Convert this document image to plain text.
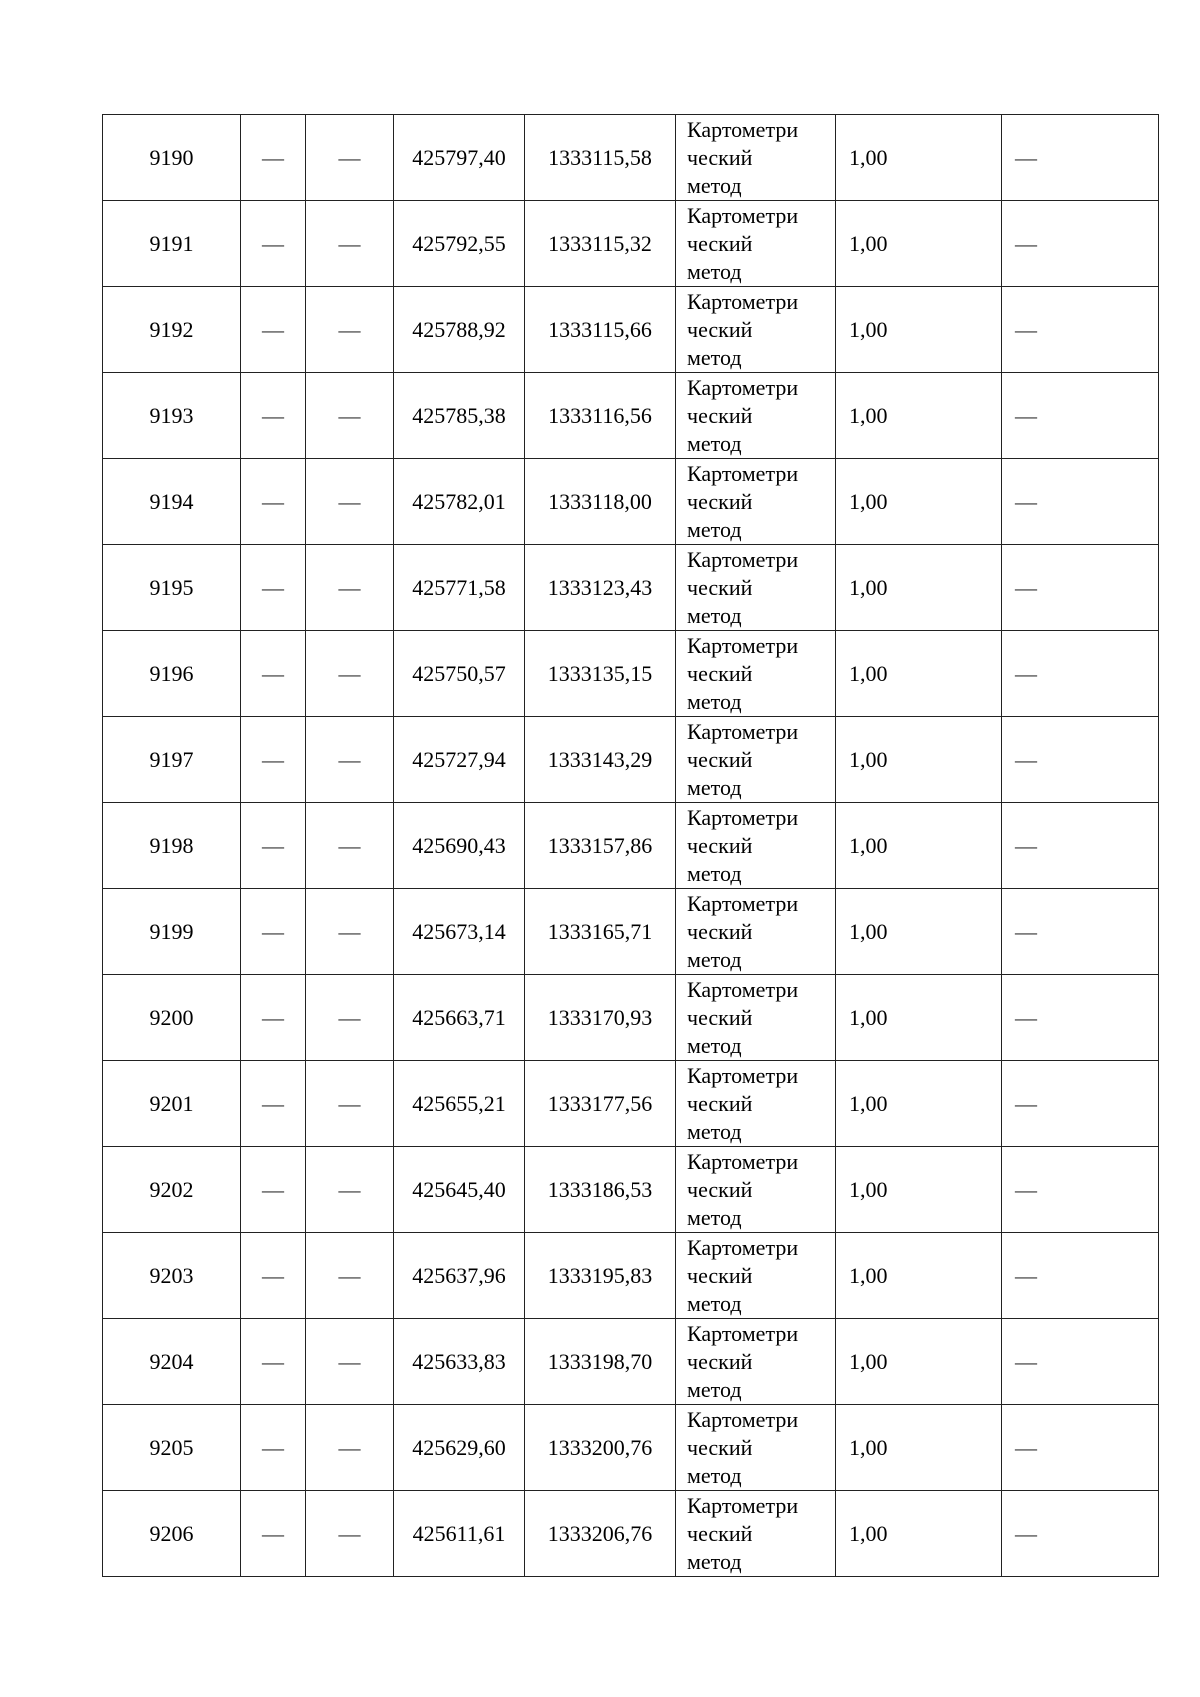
9190	—	—	425797,40	1333115,58	Картометри
ческий
метод	1,00	—
9191	—	—	425792,55	1333115,32	Картометри
ческий
метод	1,00	—
9192	—	—	425788,92	1333115,66	Картометри
ческий
метод	1,00	—
9193	—	—	425785,38	1333116,56	Картометри
ческий
метод	1,00	—
9194	—	—	425782,01	1333118,00	Картометри
ческий
метод	1,00	—
9195	—	—	425771,58	1333123,43	Картометри
ческий
метод	1,00	—
9196	—	—	425750,57	1333135,15	Картометри
ческий
метод	1,00	—
9197	—	—	425727,94	1333143,29	Картометри
ческий
метод	1,00	—
9198	—	—	425690,43	1333157,86	Картометри
ческий
метод	1,00	—
9199	—	—	425673,14	1333165,71	Картометри
ческий
метод	1,00	—
9200	—	—	425663,71	1333170,93	Картометри
ческий
метод	1,00	—
9201	—	—	425655,21	1333177,56	Картометри
ческий
метод	1,00	—
9202	—	—	425645,40	1333186,53	Картометри
ческий
метод	1,00	—
9203	—	—	425637,96	1333195,83	Картометри
ческий
метод	1,00	—
9204	—	—	425633,83	1333198,70	Картометри
ческий
метод	1,00	—
9205	—	—	425629,60	1333200,76	Картометри
ческий
метод	1,00	—
9206	—	—	425611,61	1333206,76	Картометри
ческий
метод	1,00	—
